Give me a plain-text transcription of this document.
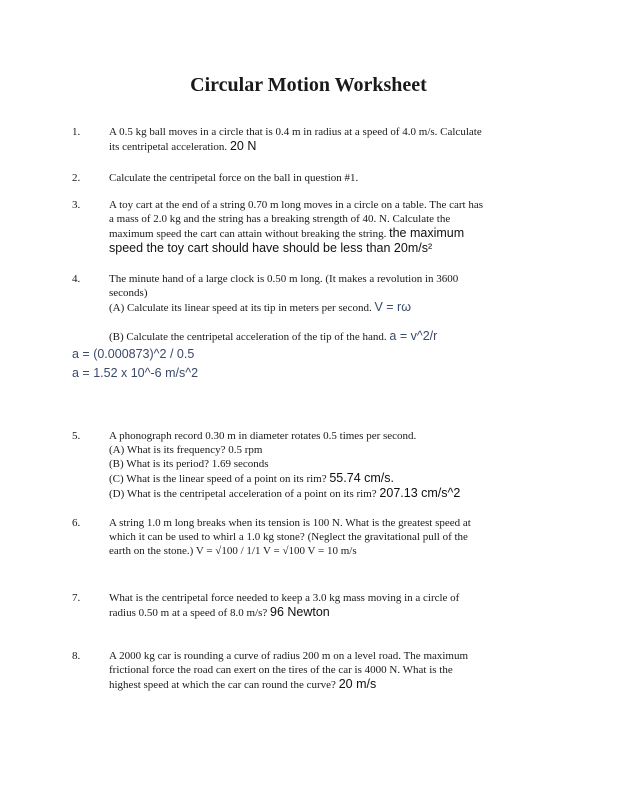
Circular Motion Worksheet
1.	A 0.5 kg ball moves in a circle that is 0.4 m in radius at a speed of 4.0 m/s. Calculate
its centripetal acceleration. 20 N
2.	Calculate the centripetal force on the ball in question #1.
3.	A toy cart at the end of a string 0.70 m long moves in a circle on a table. The cart has
a mass of 2.0 kg and the string has a breaking strength of 40. N. Calculate the
maximum speed the cart can attain without breaking the string. the maximum
speed the toy cart should have should be less than 20m/s²
4.	The minute hand of a large clock is 0.50 m long. (It makes a revolution in 3600
seconds)
(A) Calculate its linear speed at its tip in meters per second. V = rω
(B) Calculate the centripetal acceleration of the tip of the hand. a = v^2/r
a = (0.000873)^2 / 0.5
a = 1.52 x 10^-6 m/s^2
5.	A phonograph record 0.30 m in diameter rotates 0.5 times per second.
(A) What is its frequency? 0.5 rpm
(B) What is its period? 1.69 seconds
(C) What is the linear speed of a point on its rim? 55.74 cm/s.
(D) What is the centripetal acceleration of a point on its rim? 207.13 cm/s^2
6.	A string 1.0 m long breaks when its tension is 100 N. What is the greatest speed at
which it can be used to whirl a 1.0 kg stone? (Neglect the gravitational pull of the
earth on the stone.) V = √100 / 1/1 V = √100 V = 10 m/s
7.	What is the centripetal force needed to keep a 3.0 kg mass moving in a circle of
radius 0.50 m at a speed of 8.0 m/s? 96 Newton
8.	A 2000 kg car is rounding a curve of radius 200 m on a level road. The maximum
frictional force the road can exert on the tires of the car is 4000 N. What is the
highest speed at which the car can round the curve? 20 m/s
